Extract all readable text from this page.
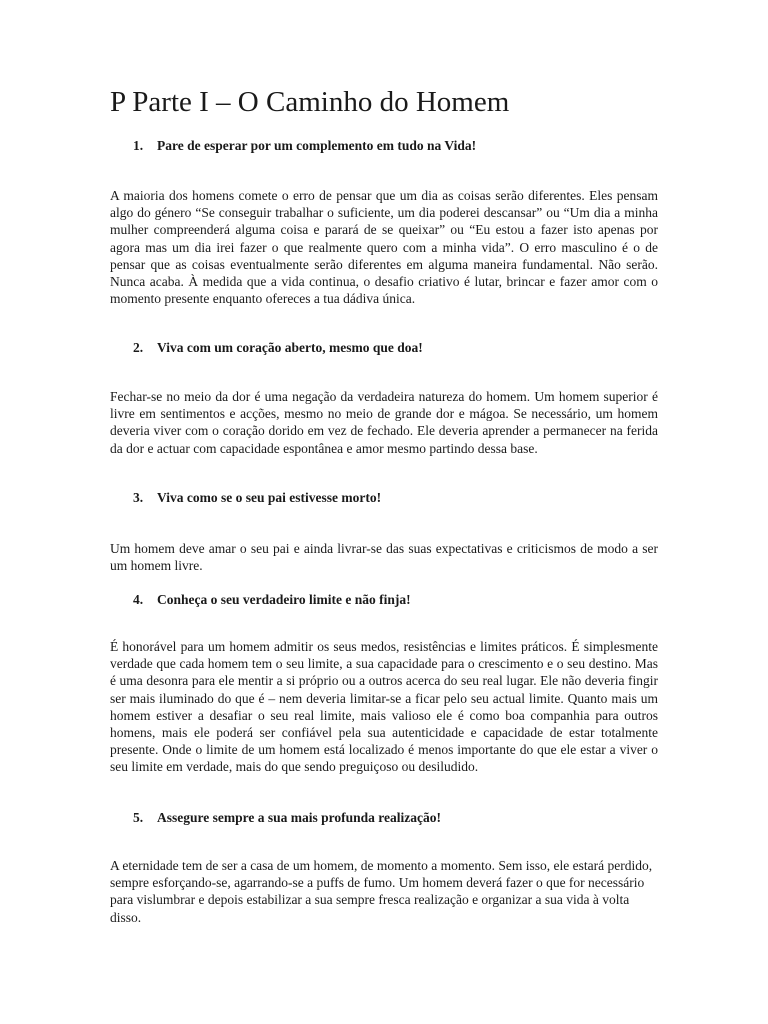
P Parte I – O Caminho do Homem
1. Pare de esperar por um complemento em tudo na Vida!

A maioria dos homens comete o erro de pensar que um dia as coisas serão diferentes. Eles pensam algo do género “Se conseguir trabalhar o suficiente, um dia poderei descansar” ou “Um dia a minha mulher compreenderá alguma coisa e parará de se queixar” ou “Eu estou a fazer isto apenas por agora mas um dia irei fazer o que realmente quero com a minha vida”. O erro masculino é o de pensar que as coisas eventualmente serão diferentes em alguma maneira fundamental. Não serão. Nunca acaba. À medida que a vida continua, o desafio criativo é lutar, brincar e fazer amor com o momento presente enquanto ofereces a tua dádiva única.

2. Viva com um coração aberto, mesmo que doa!

Fechar-se no meio da dor é uma negação da verdadeira natureza do homem. Um homem superior é livre em sentimentos e acções, mesmo no meio de grande dor e mágoa. Se necessário, um homem deveria viver com o coração dorido em vez de fechado. Ele deveria aprender a permanecer na ferida da dor e actuar com capacidade espontânea e amor mesmo partindo dessa base.

3. Viva como se o seu pai estivesse morto!

Um homem deve amar o seu pai e ainda livrar-se das suas expectativas e criticismos de modo a ser um homem livre.

4. Conheça o seu verdadeiro limite e não finja!

É honorável para um homem admitir os seus medos, resistências e limites práticos. É simplesmente verdade que cada homem tem o seu limite, a sua capacidade para o crescimento e o seu destino. Mas é uma desonra para ele mentir a si próprio ou a outros acerca do seu real lugar. Ele não deveria fingir ser mais iluminado do que é – nem deveria limitar-se a ficar pelo seu actual limite. Quanto mais um homem estiver a desafiar o seu real limite, mais valioso ele é como boa companhia para outros homens, mais ele poderá ser confiável pela sua autenticidade e capacidade de estar totalmente presente. Onde o limite de um homem está localizado é menos importante do que ele estar a viver o seu limite em verdade, mais do que sendo preguiçoso ou desiludido.

5. Assegure sempre a sua mais profunda realização!

A eternidade tem de ser a casa de um homem, de momento a momento. Sem isso, ele estará perdido, sempre esforçando-se, agarrando-se a puffs de fumo. Um homem deverá fazer o que for necessário para vislumbrar e depois estabilizar a sua sempre fresca realização e organizar a sua vida à volta disso.
